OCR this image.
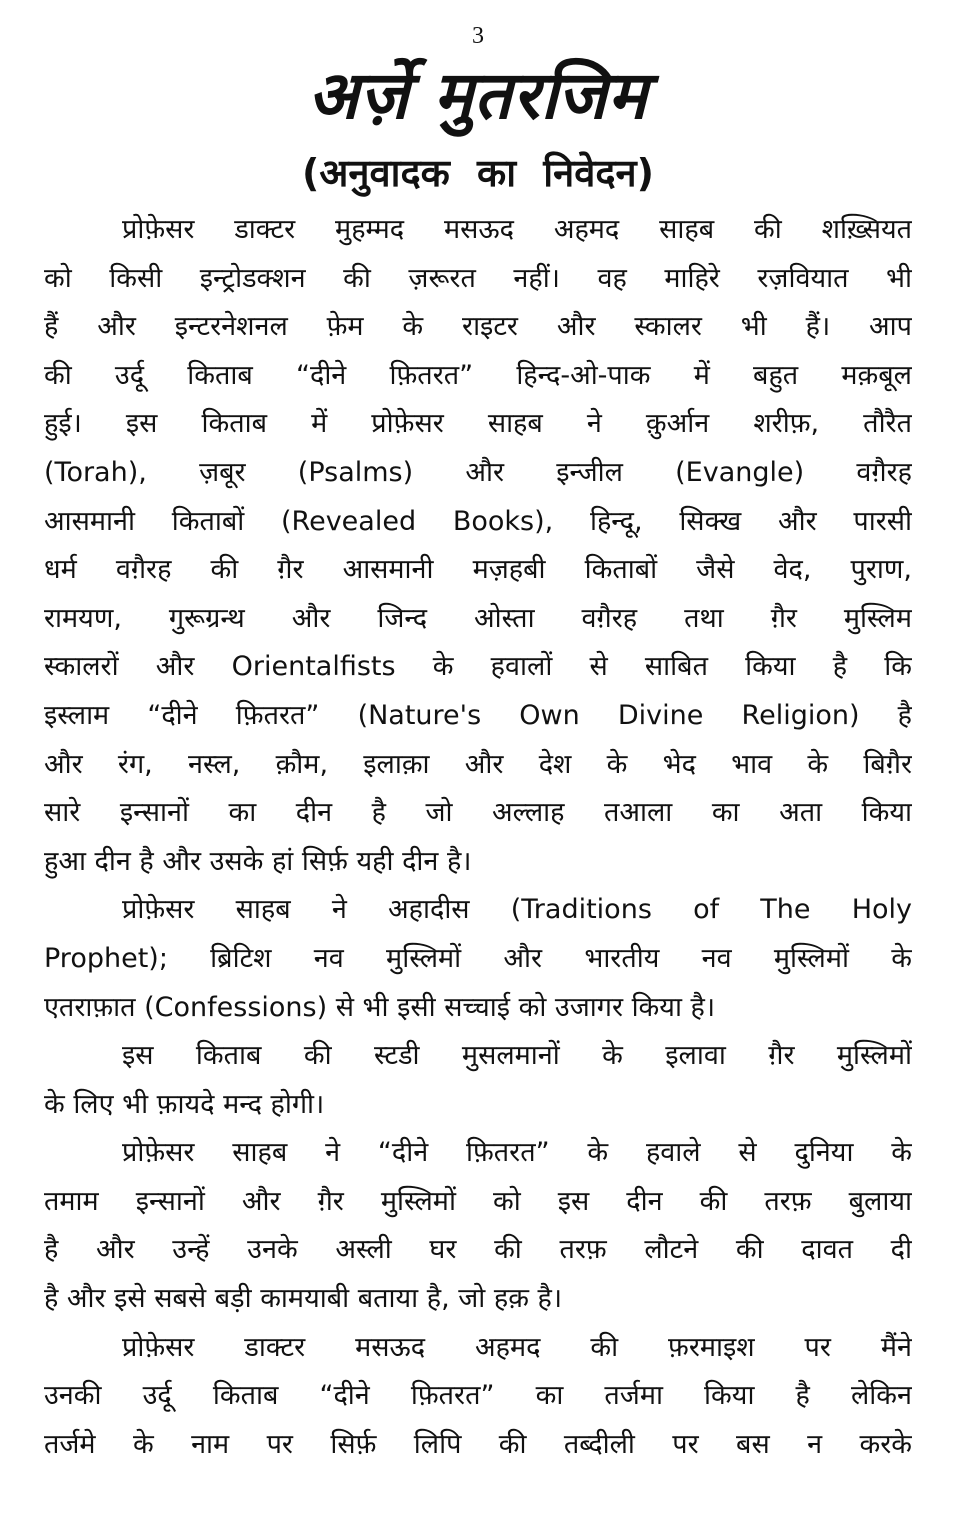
3
अर्ज़े मुतरजिम
(अनुवादक का निवेदन)
प्रोफ़ेसर डाक्टर मुहम्मद मसऊद अहमद साहब की शख़्सियत
को किसी इन्ट्रोडक्शन की ज़रूरत नहीं। वह माहिरे रज़वियात भी
हैं और इन्टरनेशनल फ़ेम के राइटर और स्कालर भी हैं। आप
की उर्दू किताब “दीने फ़ितरत” हिन्द-ओ-पाक में बहुत मक़बूल
हुई। इस किताब में प्रोफ़ेसर साहब ने क़ुर्आन शरीफ़, तौरैत
(Torah), ज़बूर (Psalms) और इन्जील (Evangle) वग़ैरह
आसमानी किताबों (Revealed Books), हिन्दू, सिक्ख और पारसी
धर्म वग़ैरह की ग़ैर आसमानी मज़हबी किताबों जैसे वेद, पुराण,
रामयण, गुरूग्रन्थ और जिन्द ओस्ता वग़ैरह तथा ग़ैर मुस्लिम
स्कालरों और Orientalfists के हवालों से साबित किया है कि
इस्लाम “दीने फ़ितरत” (Nature's Own Divine Religion) है
और रंग, नस्ल, क़ौम, इलाक़ा और देश के भेद भाव के बिग़ैर
सारे इन्सानों का दीन है जो अल्लाह तआला का अता किया
हुआ दीन है और उसके हां सिर्फ़ यही दीन है।
प्रोफ़ेसर साहब ने अहादीस (Traditions of The Holy
Prophet); ब्रिटिश नव मुस्लिमों और भारतीय नव मुस्लिमों के
एतराफ़ात (Confessions) से भी इसी सच्चाई को उजागर किया है।
इस किताब की स्टडी मुसलमानों के इलावा ग़ैर मुस्लिमों
के लिए भी फ़ायदे मन्द होगी।
प्रोफ़ेसर साहब ने “दीने फ़ितरत” के हवाले से दुनिया के
तमाम इन्सानों और ग़ैर मुस्लिमों को इस दीन की तरफ़ बुलाया
है और उन्हें उनके अस्ली घर की तरफ़ लौटने की दावत दी
है और इसे सबसे बड़ी कामयाबी बताया है, जो हक़ है।
प्रोफ़ेसर डाक्टर मसऊद अहमद की फ़रमाइश पर मैंने
उनकी उर्दू किताब “दीने फ़ितरत” का तर्जमा किया है लेकिन
तर्जमे के नाम पर सिर्फ़ लिपि की तब्दीली पर बस न करके
